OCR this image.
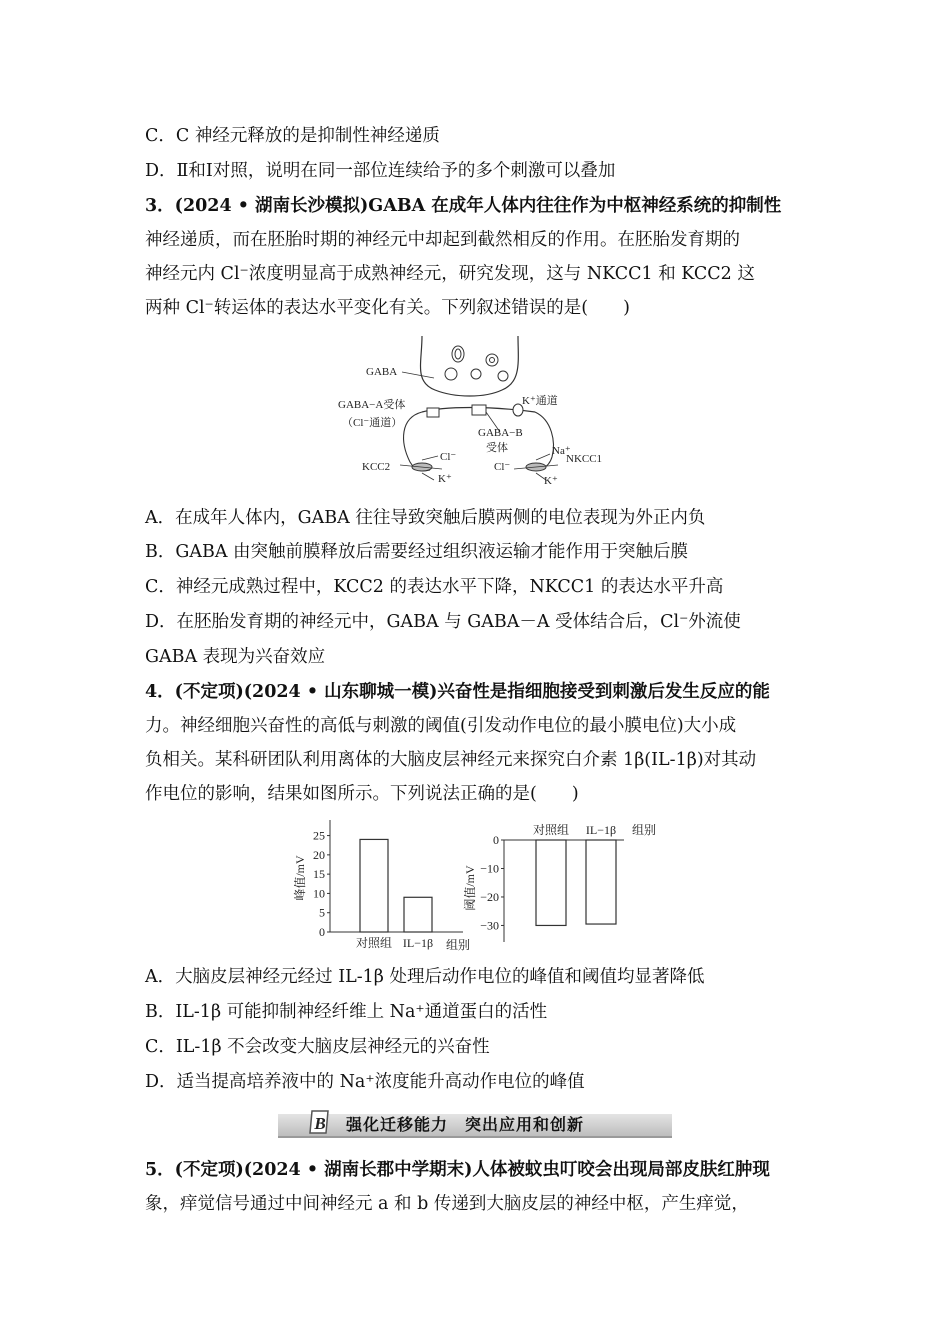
C．C 神经元释放的是抑制性神经递质
D．Ⅱ和Ⅰ对照，说明在同一部位连续给予的多个刺激可以叠加
3．(2024 • 湖南长沙模拟)GABA 在成年人体内往往作为中枢神经系统的抑制性
神经递质，而在胚胎时期的神经元中却起到截然相反的作用。在胚胎发育期的
神经元内 Cl⁻浓度明显高于成熟神经元，研究发现，这与 NKCC1 和 KCC2 这
两种 Cl⁻转运体的表达水平变化有关。下列叙述错误的是(　　)
GABA
GABA−A受体
（Cl⁻通道）
K⁺通道
GABA−B
受体
KCC2
Cl⁻
K⁺
Na⁺
NKCC1
Cl⁻
K⁺
A．在成年人体内，GABA 往往导致突触后膜两侧的电位表现为外正内负
B．GABA 由突触前膜释放后需要经过组织液运输才能作用于突触后膜
C．神经元成熟过程中，KCC2 的表达水平下降，NKCC1 的表达水平升高
D．在胚胎发育期的神经元中，GABA 与 GABA－A 受体结合后，Cl⁻外流使
GABA 表现为兴奋效应
4．(不定项)(2024 • 山东聊城一模)兴奋性是指细胞接受到刺激后发生反应的能
力。神经细胞兴奋性的高低与刺激的阈值(引发动作电位的最小膜电位)大小成
负相关。某科研团队利用离体的大脑皮层神经元来探究白介素 1β(IL-1β)对其动
作电位的影响，结果如图所示。下列说法正确的是(　　)
0
5
10
15
20
25
对照组 IL−1β 组别
峰值/mV
0
−10
−20
−30
对照组 IL−1β 组别
阈值/mV
A．大脑皮层神经元经过 IL-1β 处理后动作电位的峰值和阈值均显著降低
B．IL-1β 可能抑制神经纤维上 Na⁺通道蛋白的活性
C．IL-1β 不会改变大脑皮层神经元的兴奋性
D．适当提高培养液中的 Na⁺浓度能升高动作电位的峰值
B 强化迁移能力　突出应用和创新
5．(不定项)(2024 • 湖南长郡中学期末)人体被蚊虫叮咬会出现局部皮肤红肿现
象，痒觉信号通过中间神经元 a 和 b 传递到大脑皮层的神经中枢，产生痒觉，
